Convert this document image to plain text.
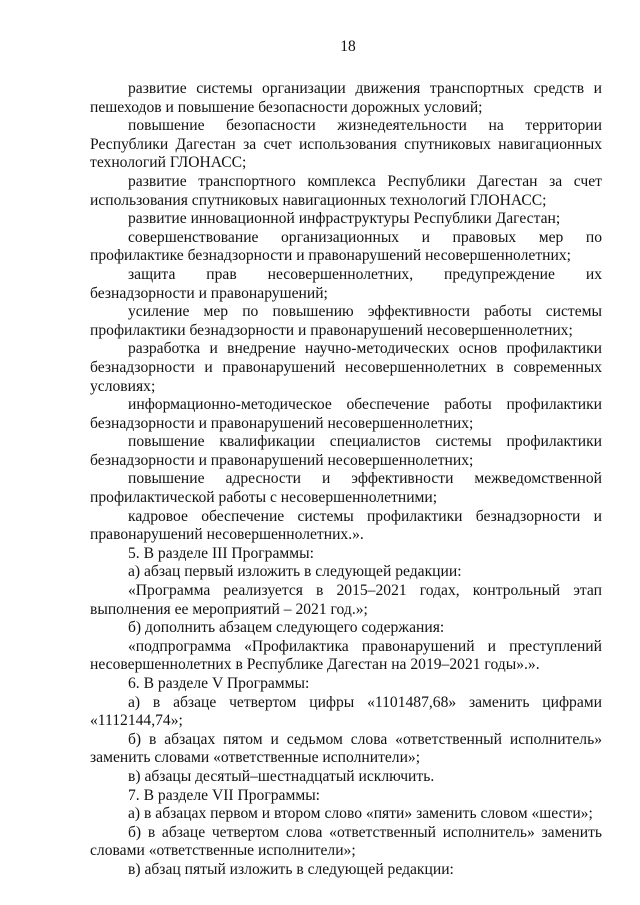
18

развитие системы организации движения транспортных средств и пешеходов и повышение безопасности дорожных условий;

повышение безопасности жизнедеятельности на территории Республики Дагестан за счет использования спутниковых навигационных технологий ГЛОНАСС;

развитие транспортного комплекса Республики Дагестан за счет использования спутниковых навигационных технологий ГЛОНАСС;

развитие инновационной инфраструктуры Республики Дагестан;

совершенствование организационных и правовых мер по профилактике безнадзорности и правонарушений несовершеннолетних;

защита прав несовершеннолетних, предупреждение их безнадзорности и правонарушений;

усиление мер по повышению эффективности работы системы профилактики безнадзорности и правонарушений несовершеннолетних;

разработка и внедрение научно-методических основ профилактики безнадзорности и правонарушений несовершеннолетних в современных условиях;

информационно-методическое обеспечение работы профилактики безнадзорности и правонарушений несовершеннолетних;

повышение квалификации специалистов системы профилактики безнадзорности и правонарушений несовершеннолетних;

повышение адресности и эффективности межведомственной профилактической работы с несовершеннолетними;

кадровое обеспечение системы профилактики безнадзорности и правонарушений несовершеннолетних.».

5. В разделе III Программы:

а) абзац первый изложить в следующей редакции:

«Программа реализуется в 2015–2021 годах, контрольный этап выполнения ее мероприятий – 2021 год.»;

б) дополнить абзацем следующего содержания:

«подпрограмма «Профилактика правонарушений и преступлений несовершеннолетних в Республике Дагестан на 2019–2021 годы».».

6. В разделе V Программы:

а) в абзаце четвертом цифры «1101487,68» заменить цифрами «1112144,74»;

б) в абзацах пятом и седьмом слова «ответственный исполнитель» заменить словами «ответственные исполнители»;

в) абзацы десятый–шестнадцатый исключить.

7. В разделе VII Программы:

а) в абзацах первом и втором слово «пяти» заменить словом «шести»;

б) в абзаце четвертом слова «ответственный исполнитель» заменить словами «ответственные исполнители»;

в) абзац пятый изложить в следующей редакции:
